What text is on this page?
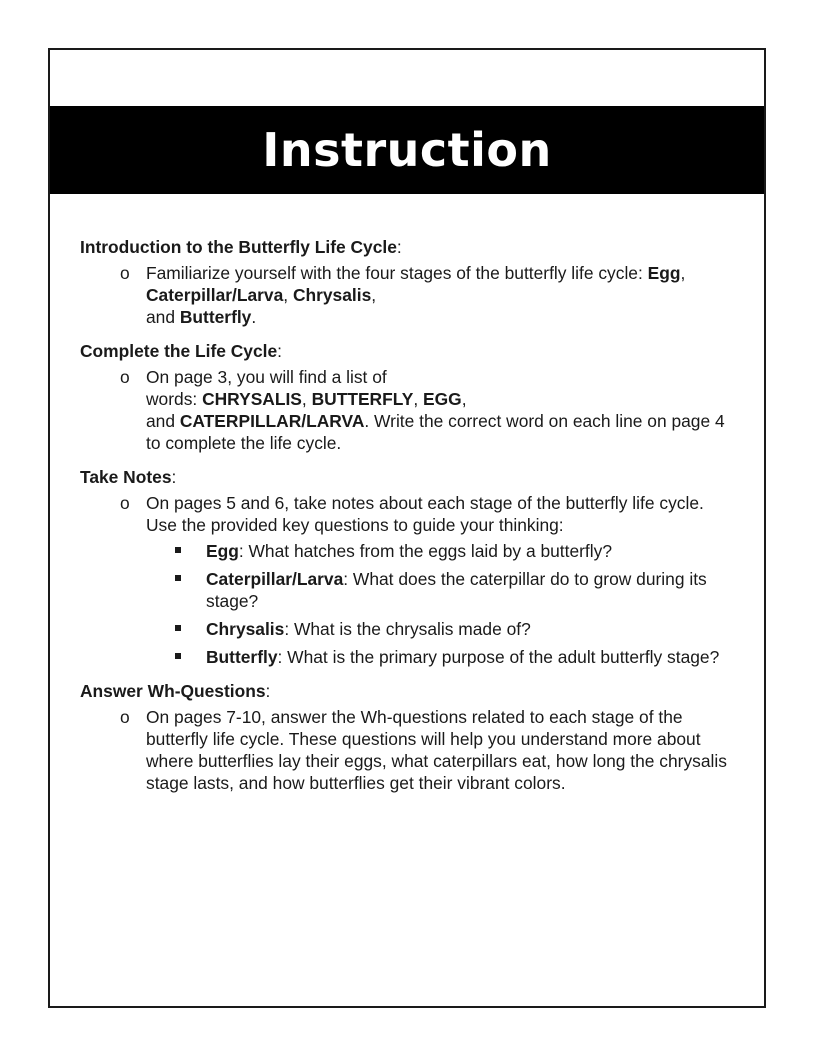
Instruction

Introduction to the Butterfly Life Cycle:

o Familiarize yourself with the four stages of the butterfly life cycle: Egg, Caterpillar/Larva, Chrysalis,
and Butterfly.

Complete the Life Cycle:

o On page 3, you will find a list of
words: CHRYSALIS, BUTTERFLY, EGG,
and CATERPILLAR/LARVA. Write the correct word on each line on page 4 to complete the life cycle.

Take Notes:

o On pages 5 and 6, take notes about each stage of the butterfly life cycle. Use the provided key questions to guide your thinking:
Egg: What hatches from the eggs laid by a butterfly?
Caterpillar/Larva: What does the caterpillar do to grow during its stage?
Chrysalis: What is the chrysalis made of?
Butterfly: What is the primary purpose of the adult butterfly stage?

Answer Wh-Questions:

o On pages 7-10, answer the Wh-questions related to each stage of the butterfly life cycle. These questions will help you understand more about where butterflies lay their eggs, what caterpillars eat, how long the chrysalis stage lasts, and how butterflies get their vibrant colors.
